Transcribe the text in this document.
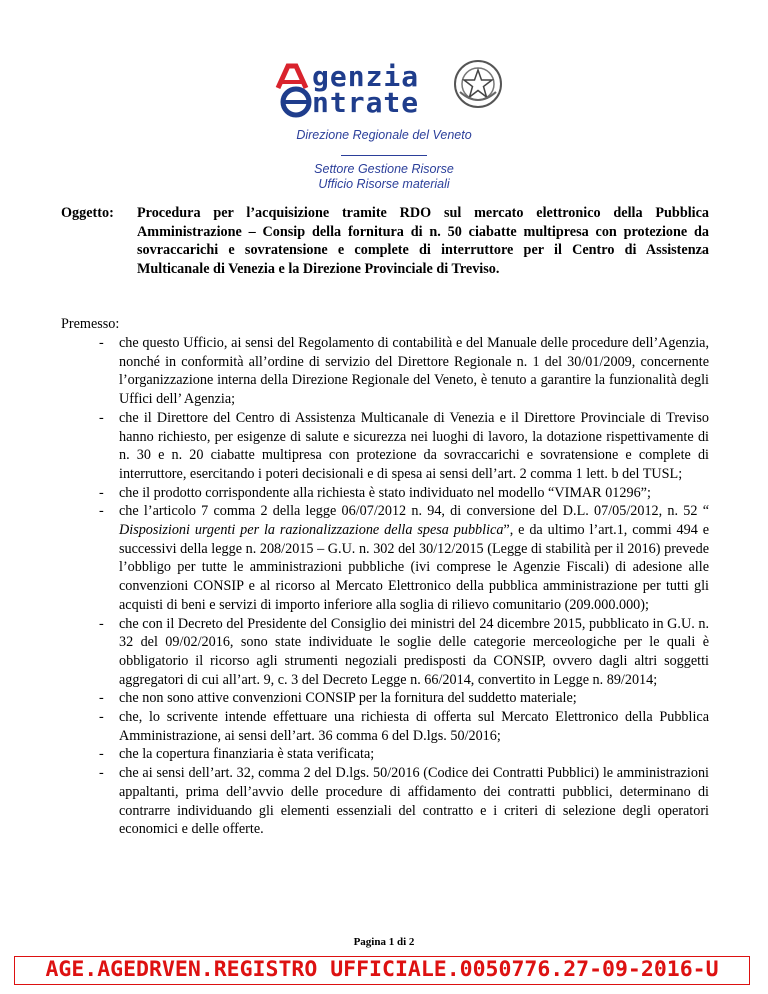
genzia
ntrate
Direzione Regionale del Veneto
Settore Gestione Risorse
Ufficio Risorse materiali
Oggetto: Procedura per l’acquisizione tramite RDO sul mercato elettronico della Pubblica Amministrazione – Consip della fornitura di n. 50 ciabatte multipresa con protezione da sovraccarichi e sovratensione e complete di interruttore per il Centro di Assistenza Multicanale di Venezia e la Direzione Provinciale di Treviso.
Premesso:
- che questo Ufficio, ai sensi del Regolamento di contabilità e del Manuale delle procedure dell’Agenzia, nonché in conformità all’ordine di servizio del Direttore Regionale n. 1 del 30/01/2009, concernente l’organizzazione interna della Direzione Regionale del Veneto, è tenuto a garantire la funzionalità degli Uffici dell’ Agenzia;
- che il Direttore del Centro di Assistenza Multicanale di Venezia e il Direttore Provinciale di Treviso hanno richiesto, per esigenze di salute e sicurezza nei luoghi di lavoro, la dotazione rispettivamente di n. 30 e n. 20 ciabatte multipresa con protezione da sovraccarichi e sovratensione e complete di interruttore, esercitando i poteri decisionali e di spesa ai sensi dell’art. 2 comma 1 lett. b del TUSL;
- che il prodotto corrispondente alla richiesta è stato individuato nel modello “VIMAR 01296”;
- che l’articolo 7 comma 2 della legge 06/07/2012 n. 94, di conversione del D.L. 07/05/2012, n. 52 “ Disposizioni urgenti per la razionalizzazione della spesa pubblica”, e da ultimo l’art.1, commi 494 e successivi della legge n. 208/2015 – G.U. n. 302 del 30/12/2015 (Legge di stabilità per il 2016) prevede l’obbligo per tutte le amministrazioni pubbliche (ivi comprese le Agenzie Fiscali) di adesione alle convenzioni CONSIP e al ricorso al Mercato Elettronico della pubblica amministrazione per tutti gli acquisti di beni e servizi di importo inferiore alla soglia di rilievo comunitario (209.000.000);
- che con il Decreto del Presidente del Consiglio dei ministri del 24 dicembre 2015, pubblicato in G.U. n. 32 del 09/02/2016, sono state individuate le soglie delle categorie merceologiche per le quali è obbligatorio il ricorso agli strumenti negoziali predisposti da CONSIP, ovvero dagli altri soggetti aggregatori di cui all’art. 9, c. 3 del Decreto Legge n. 66/2014, convertito in Legge n. 89/2014;
- che non sono attive convenzioni CONSIP per la fornitura del suddetto materiale;
- che, lo scrivente intende effettuare una richiesta di offerta sul Mercato Elettronico della Pubblica Amministrazione, ai sensi dell’art. 36 comma 6 del D.lgs. 50/2016;
- che la copertura finanziaria è stata verificata;
- che ai sensi dell’art. 32, comma 2 del D.lgs. 50/2016 (Codice dei Contratti Pubblici) le amministrazioni appaltanti, prima dell’avvio delle procedure di affidamento dei contratti pubblici, determinano di contrarre individuando gli elementi essenziali del contratto e i criteri di selezione degli operatori economici e delle offerte.
Pagina 1 di 2
AGE.AGEDRVEN.REGISTRO UFFICIALE.0050776.27-09-2016-U
